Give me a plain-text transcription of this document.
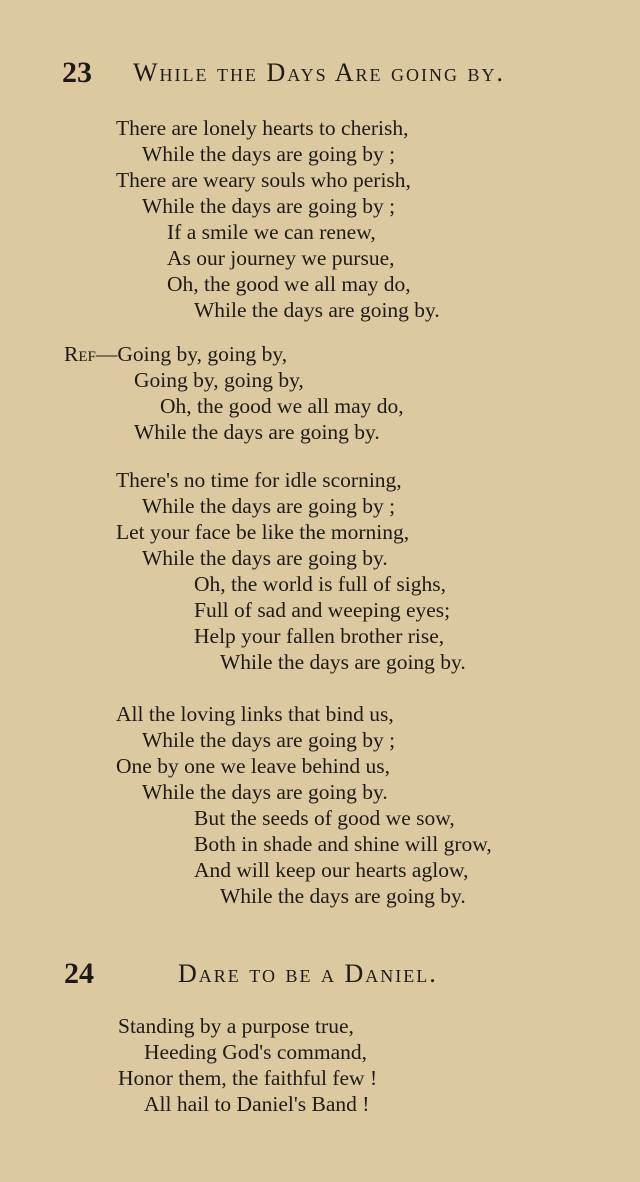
23 While the Days Are going by.
There are lonely hearts to cherish,
While the days are going by ;
There are weary souls who perish,
While the days are going by ;
If a smile we can renew,
As our journey we pursue,
Oh, the good we all may do,
While the days are going by.
Ref—Going by, going by,
Going by, going by,
Oh, the good we all may do,
While the days are going by.
There's no time for idle scorning,
While the days are going by ;
Let your face be like the morning,
While the days are going by.
Oh, the world is full of sighs,
Full of sad and weeping eyes;
Help your fallen brother rise,
While the days are going by.
All the loving links that bind us,
While the days are going by ;
One by one we leave behind us,
While the days are going by.
But the seeds of good we sow,
Both in shade and shine will grow,
And will keep our hearts aglow,
While the days are going by.
24	Dare to be a Daniel.
Standing by a purpose true,
Heeding God's command,
Honor them, the faithful few !
All hail to Daniel's Band !
